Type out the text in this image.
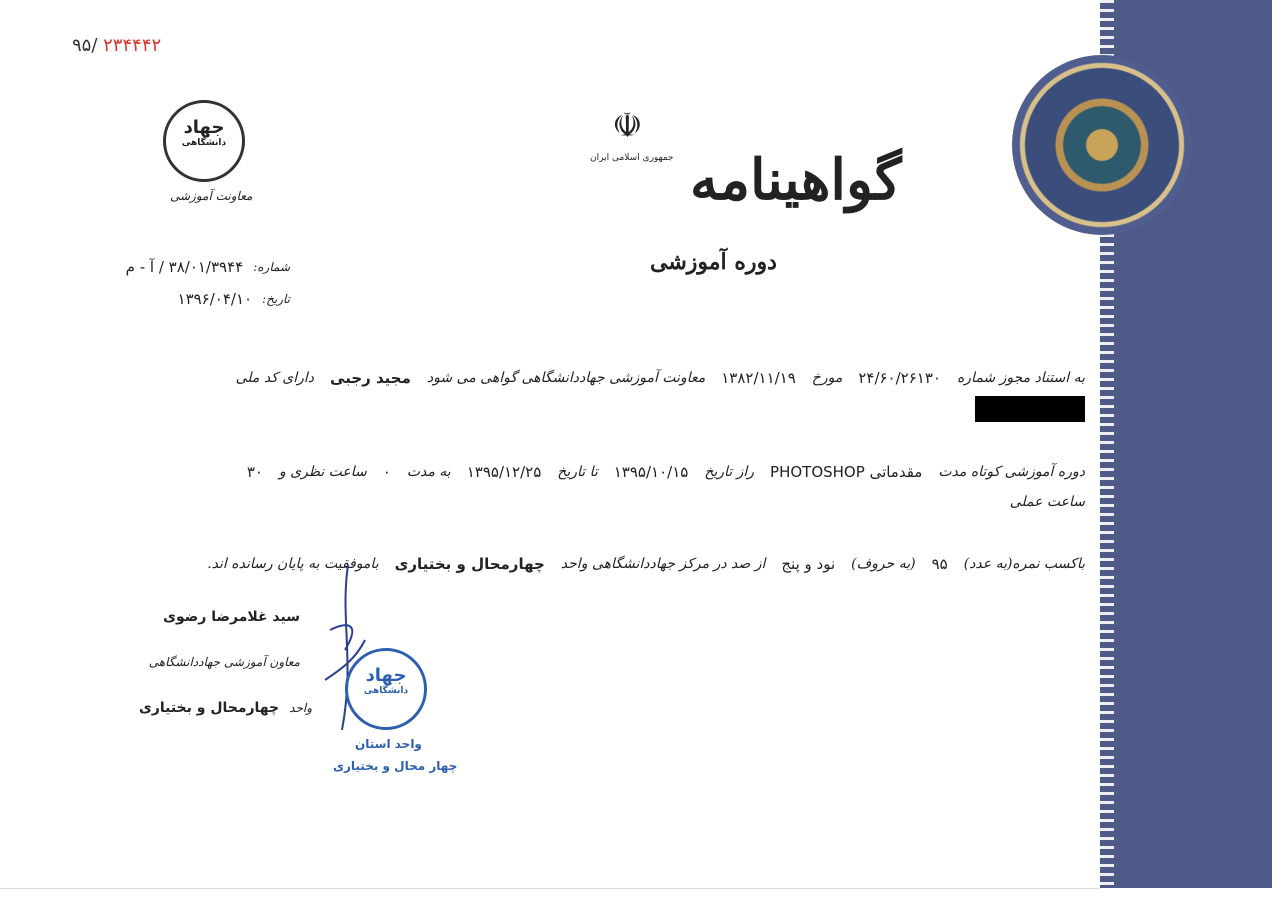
۹۵/ ۲۳۴۴۴۲
جهاد
دانشگاهی
معاونت آموزشی
☫
جمهوری اسلامی ایران گواهینامه
دوره آموزشی
شماره:
۳۸/۰۱/۳۹۴۴ / آ - م
تاریخ:
۱۳۹۶/۰۴/۱۰
به استناد مجوز شماره
۲۴/۶۰/۲۶۱۳۰
مورخ
۱۳۸۲/۱۱/۱۹
معاونت آموزشی جهاددانشگاهی گواهی می شود
مجید رجبی
دارای کد ملی
دوره آموزشی کوتاه مدت
PHOTOSHOP مقدماتی
راز تاریخ
۱۳۹۵/۱۰/۱۵
تا تاریخ
۱۳۹۵/۱۲/۲۵
به مدت
۰
ساعت نظری و
۳۰
ساعت عملی
باکسب نمره(به عدد)
۹۵
(به حروف)
نود و پنج
از صد در مرکز جهاددانشگاهی واحد
چهارمحال و بختیاری
باموفقیت به پایان رسانده اند.
سید غلامرضا رضوی
معاون آموزشی جهاددانشگاهی
واحد
چهارمحال و بختیاری
جهاد
دانشگاهی
واحد استان
چهار محال و بختیاری
